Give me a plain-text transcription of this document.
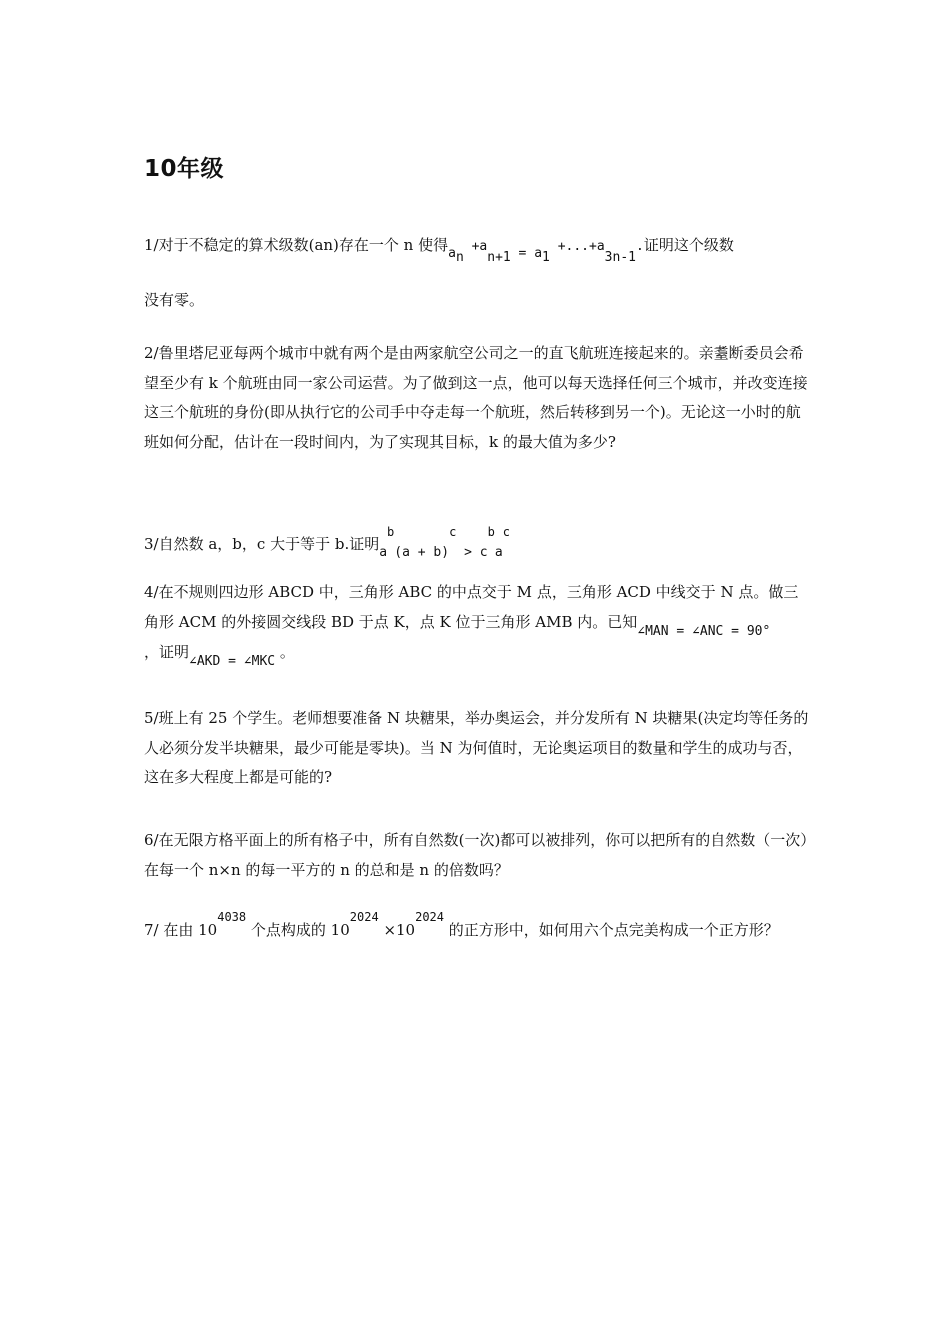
10年级
1/对于不稳定的算术级数(an)存在一个 n 使得$a_n +a_{n+1} = a_1 +...+a_{3n-1}$.证明这个级数
没有零。
2/鲁里塔尼亚每两个城市中就有两个是由两家航空公司之一的直飞航班连接起来的。亲耋断委员会希望至少有 k 个航班由同一家公司运营。为了做到这一点，他可以每天选择任何三个城市，并改变连接这三个航班的身份(即从执行它的公司手中夺走每一个航班，然后转移到另一个)。无论这一小时的航班如何分配，估计在一段时间内，为了实现其目标，k 的最大值为多少?
3/自然数 a，b，c 大于等于 b.证明$a^b(a + b)^c > c^ba^c$
4/在不规则四边形 ABCD 中，三角形 ABC 的中点交于 M 点，三角形 ACD 中线交于 N 点。做三角形 ACM 的外接圆交线段 BD 于点 K，点 K 位于三角形 AMB 内。已知∠MAN = ∠ANC = 90°
，证明∠AKD = ∠MKC 。
5/班上有 25 个学生。老师想要准备 N 块糖果，举办奥运会，并分发所有 N 块糖果(决定均等任务的人必须分发半块糖果，最少可能是零块)。当 N 为何值时，无论奥运项目的数量和学生的成功与否，这在多大程度上都是可能的?
6/在无限方格平面上的所有格子中，所有自然数(一次)都可以被排列，你可以把所有的自然数（一次）在每一个 n×n 的每一平方的 n 的总和是 n 的倍数吗？
7/ 在由 $10^{4038}$ 个点构成的 $10^{2024} \times 10^{2024}$ 的正方形中，如何用六个点完美构成一个正方形？
